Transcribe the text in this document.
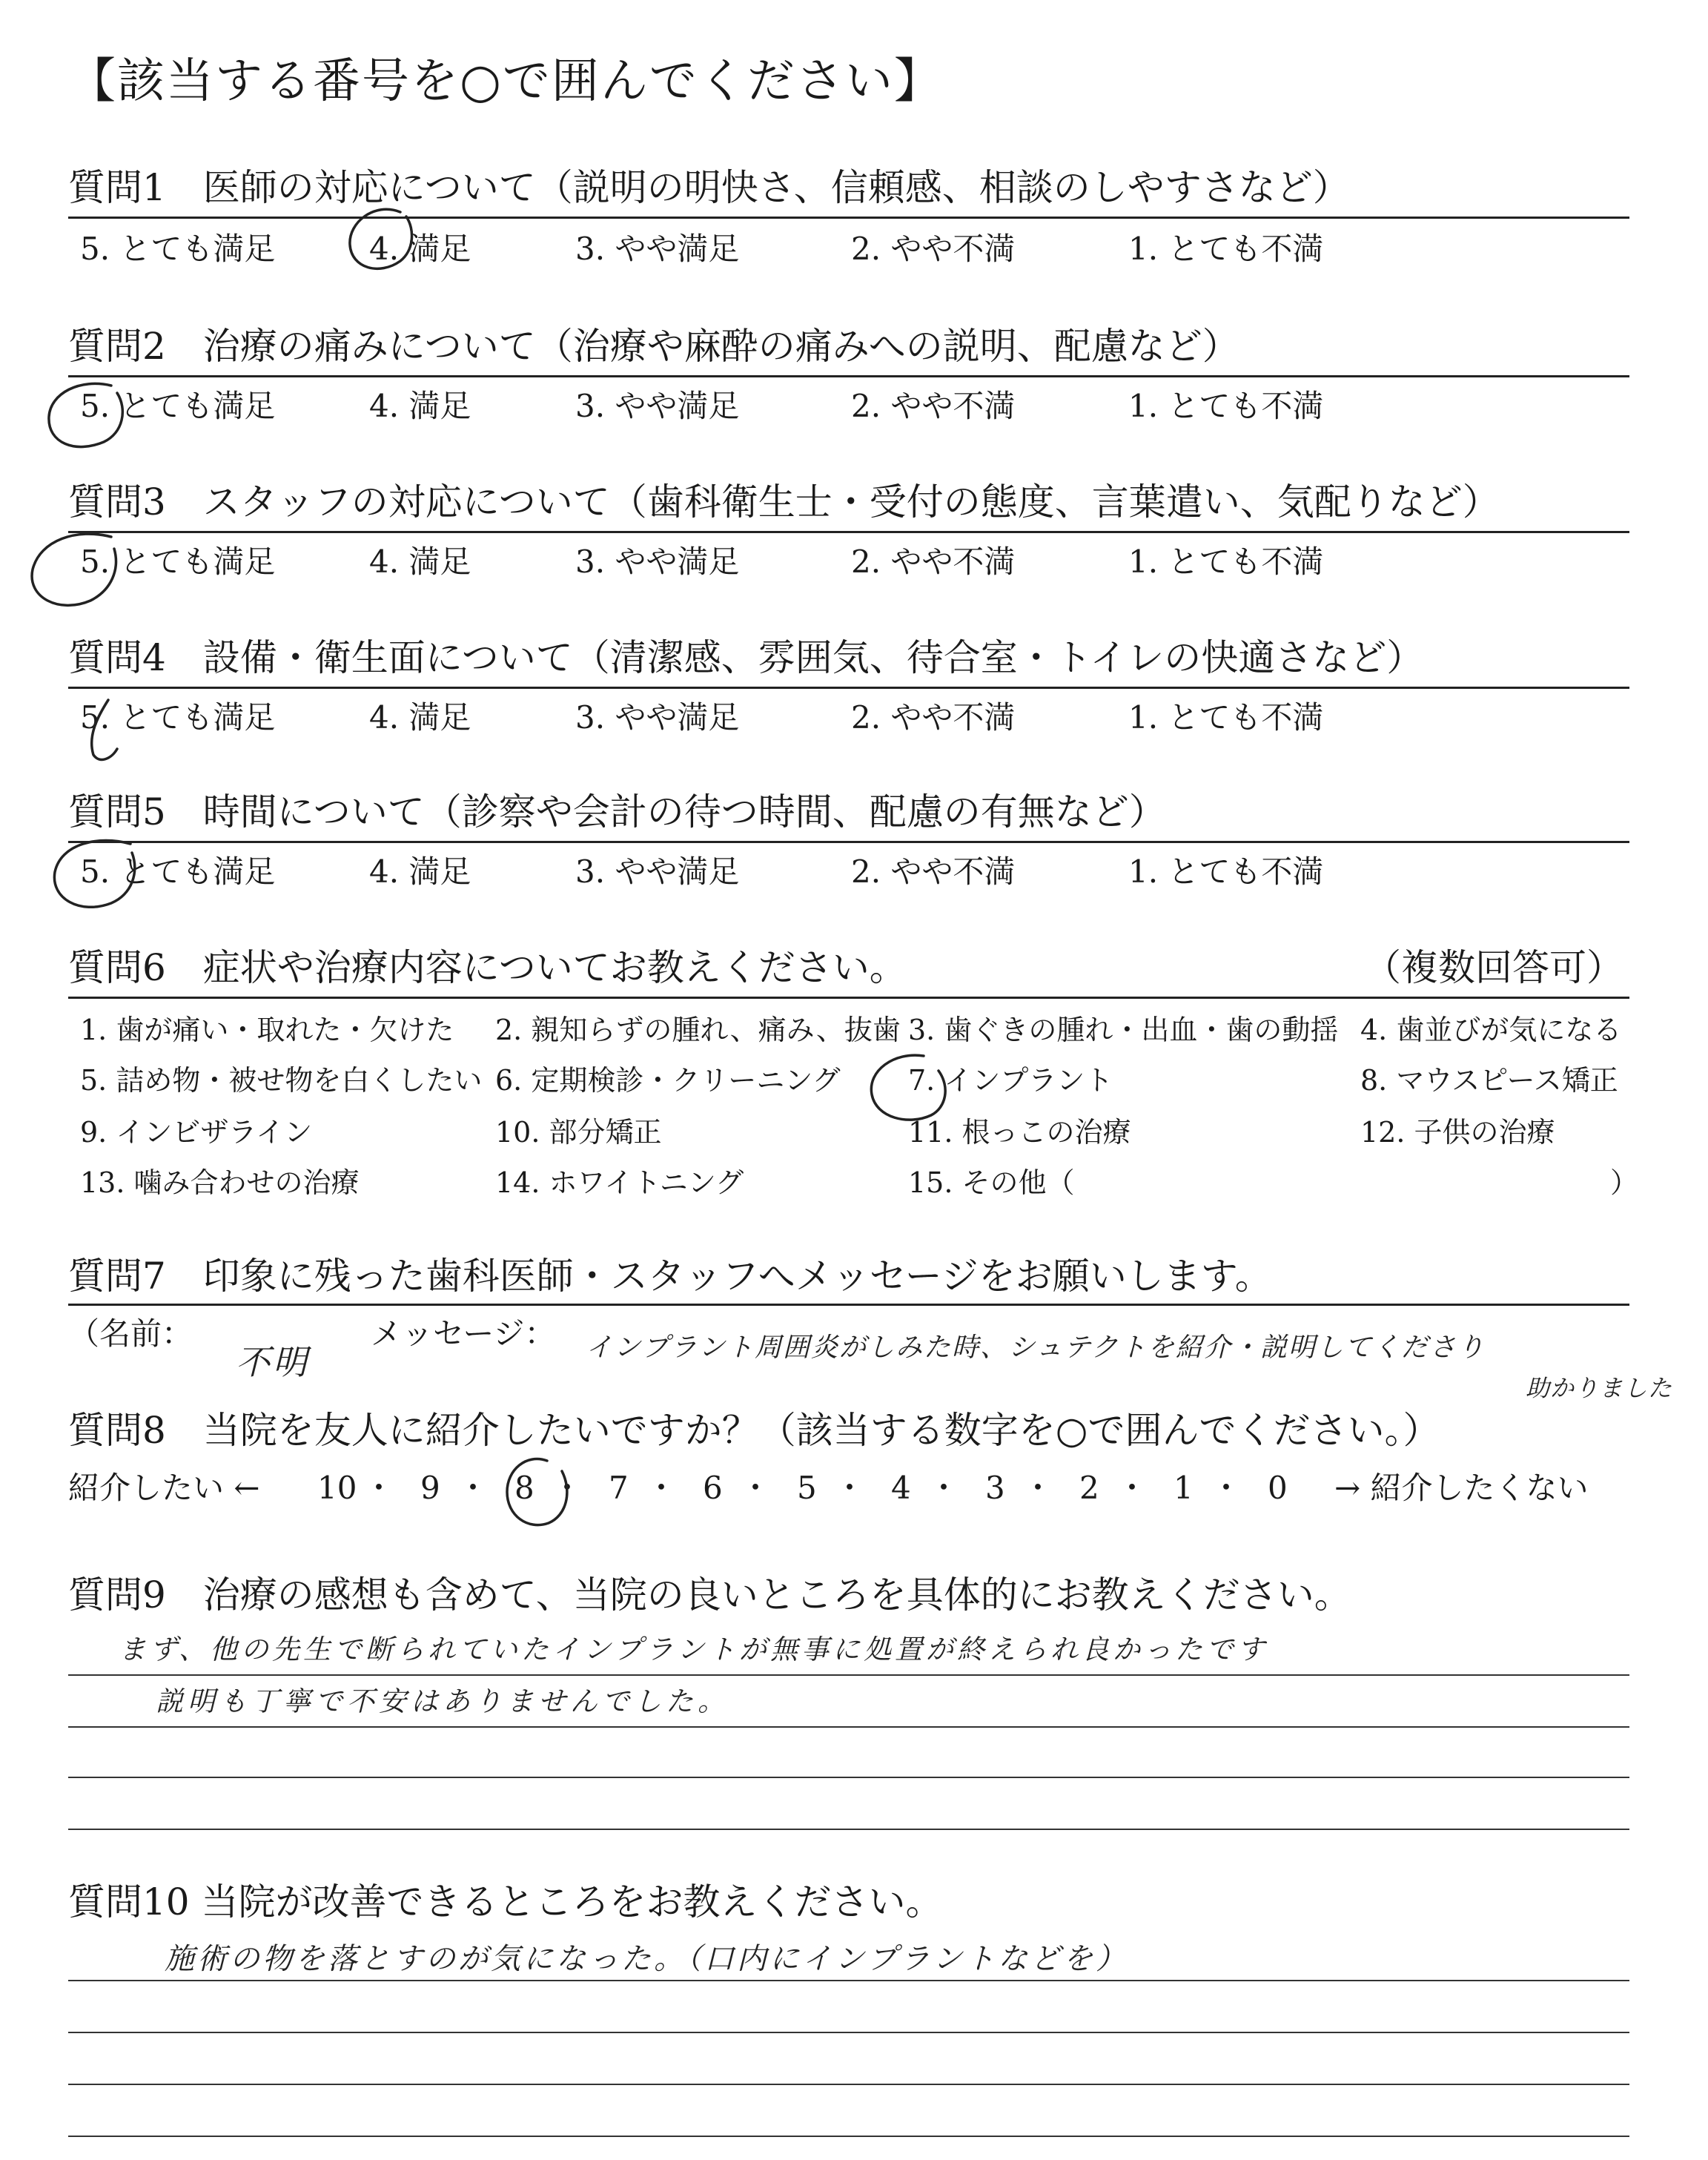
【該当する番号を○で囲んでください】
質問1　医師の対応について（説明の明快さ、信頼感、相談のしやすさなど）
5. とても満足	4. 満足	3. やや満足	2. やや不満	1. とても不満
質問2　治療の痛みについて（治療や麻酔の痛みへの説明、配慮など）
5. とても満足	4. 満足	3. やや満足	2. やや不満	1. とても不満
質問3　スタッフの対応について（歯科衛生士・受付の態度、言葉遣い、気配りなど）
5. とても満足	4. 満足	3. やや満足	2. やや不満	1. とても不満
質問4　設備・衛生面について（清潔感、雰囲気、待合室・トイレの快適さなど）
5. とても満足	4. 満足	3. やや満足	2. やや不満	1. とても不満
質問5　時間について（診察や会計の待つ時間、配慮の有無など）
5. とても満足	4. 満足	3. やや満足	2. やや不満	1. とても不満
質問6　症状や治療内容についてお教えください。	（複数回答可）
1. 歯が痛い・取れた・欠けた 2. 親知らずの腫れ、痛み、抜歯 3. 歯ぐきの腫れ・出血・歯の動揺 4. 歯並びが気になる
5. 詰め物・被せ物を白くしたい 6. 定期検診・クリーニング 7. インプラント	8. マウスピース矯正
9. インビザライン	10. 部分矯正	11. 根っこの治療	12. 子供の治療
13. 噛み合わせの治療	14. ホワイトニング	15. その他（	）
質問7　印象に残った歯科医師・スタッフへメッセージをお願いします。
（名前：	メッセージ：
不明	インプラント周囲炎がしみた時、シュテクトを紹介・説明してくださり
助かりました
質問8　当院を友人に紹介したいですか？（該当する数字を○で囲んでください。）
紹介したい ←	→ 紹介したくない
10 ・ 9 ・ 8 ・ 7 ・ 6 ・ 5 ・ 4 ・ 3 ・ 2 ・ 1 ・ 0
質問9　治療の感想も含めて、当院の良いところを具体的にお教えください。
まず、他の先生で断られていたインプラントが無事に処置が終えられ良かったです
説明も丁寧で不安はありませんでした。
質問10 当院が改善できるところをお教えください。
施術の物を落とすのが気になった。（口内にインプラントなどを）
